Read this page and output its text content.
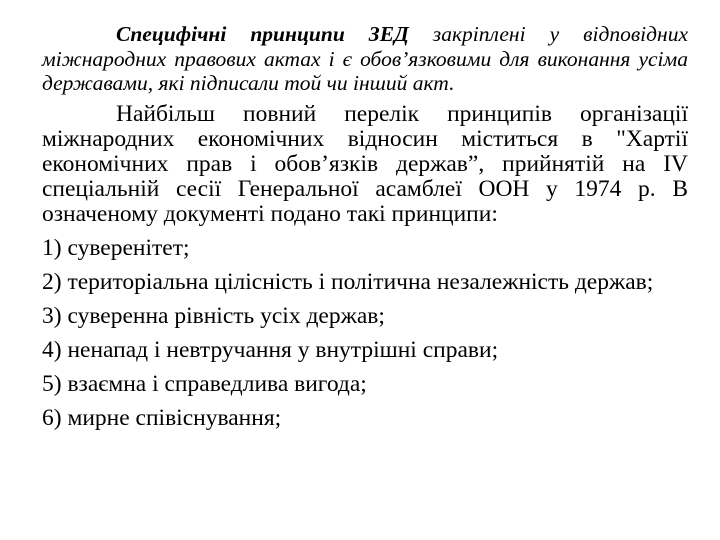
Специфічні принципи ЗЕД закріплені у відповідних міжнародних правових актах і є обов’язковими для виконання усіма державами, які підписали той чи інший акт.

Найбільш повний перелік принципів організації міжнародних економічних відносин міститься в "Хартії економічних прав і обов’язків держав”, прийнятій на IV спеціальній сесії Генеральної асамблеї ООН у 1974 р. В означеному документі подано такі принципи:

1) суверенітет;
2) територіальна цілісність і політична незалежність держав;
3) суверенна рівність усіх держав;
4) ненапад і невтручання у внутрішні справи;
5) взаємна і справедлива вигода;
6) мирне співіснування;
